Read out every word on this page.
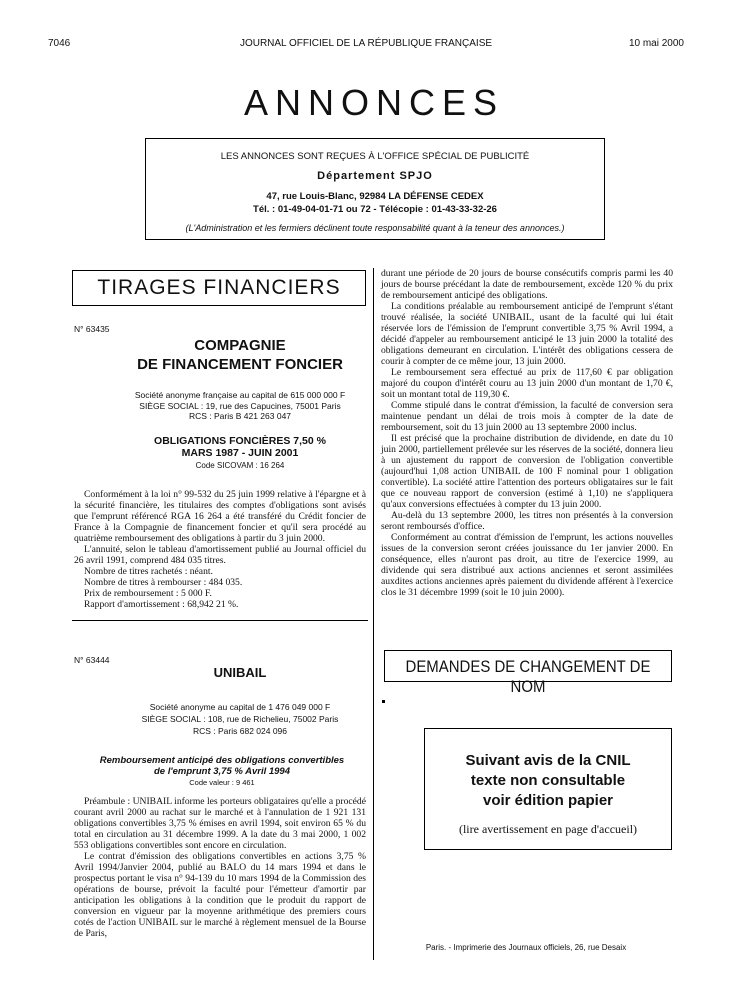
7046	JOURNAL OFFICIEL DE LA RÉPUBLIQUE FRANÇAISE	10 mai 2000
ANNONCES
LES ANNONCES SONT REÇUES À L'OFFICE SPÉCIAL DE PUBLICITÉ
Département SPJO
47, rue Louis-Blanc, 92984 LA DÉFENSE CEDEX
Tél. : 01-49-04-01-71 ou 72 - Télécopie : 01-43-33-32-26
(L'Administration et les fermiers déclinent toute responsabilité quant à la teneur des annonces.)
TIRAGES FINANCIERS
N° 63435
COMPAGNIE
DE FINANCEMENT FONCIER
Société anonyme française au capital de 615 000 000 F
SIÈGE SOCIAL : 19, rue des Capucines, 75001 Paris
RCS : Paris B 421 263 047
OBLIGATIONS FONCIÈRES 7,50 %
MARS 1987 - JUIN 2001
Code SICOVAM : 16 264

Conformément à la loi n° 99-532 du 25 juin 1999 relative à l'épargne et à la sécurité financière, les titulaires des comptes d'obligations sont avisés que l'emprunt référencé RGA 16 264 a été transféré du Crédit foncier de France à la Compagnie de financement foncier et qu'il sera procédé au quatrième remboursement des obligations à partir du 3 juin 2000.

L'annuité, selon le tableau d'amortissement publié au Journal officiel du 26 avril 1991, comprend 484 035 titres.

Nombre de titres rachetés : néant.

Nombre de titres à rembourser : 484 035.

Prix de remboursement : 5 000 F.

Rapport d'amortissement : 68,942 21 %.

N° 63444
UNIBAIL
Société anonyme au capital de 1 476 049 000 F
SIÈGE SOCIAL : 108, rue de Richelieu, 75002 Paris
RCS : Paris 682 024 096
Remboursement anticipé des obligations convertibles
de l'emprunt 3,75 % Avril 1994
Code valeur : 9 461

Préambule : UNIBAIL informe les porteurs obligataires qu'elle a procédé courant avril 2000 au rachat sur le marché et à l'annulation de 1 921 131 obligations convertibles 3,75 % émises en avril 1994, soit environ 65 % du total en circulation au 31 décembre 1999. A la date du 3 mai 2000, 1 002 553 obligations convertibles sont encore en circulation.

Le contrat d'émission des obligations convertibles en actions 3,75 % Avril 1994/Janvier 2004, publié au BALO du 14 mars 1994 et dans le prospectus portant le visa n° 94-139 du 10 mars 1994 de la Commission des opérations de bourse, prévoit la faculté pour l'émetteur d'amortir par anticipation les obligations à la condition que le produit du rapport de conversion en vigueur par la moyenne arithmétique des premiers cours cotés de l'action UNIBAIL sur le marché à règlement mensuel de la Bourse de Paris,

durant une période de 20 jours de bourse consécutifs compris parmi les 40 jours de bourse précédant la date de remboursement, excède 120 % du prix de remboursement anticipé des obligations.

La conditions préalable au remboursement anticipé de l'emprunt s'étant trouvé réalisée, la société UNIBAIL, usant de la faculté qui lui était réservée lors de l'émission de l'emprunt convertible 3,75 % Avril 1994, a décidé d'appeler au remboursement anticipé le 13 juin 2000 la totalité des obligations demeurant en circulation. L'intérêt des obligations cessera de courir à compter de ce même jour, 13 juin 2000.

Le remboursement sera effectué au prix de 117,60 € par obligation majoré du coupon d'intérêt couru au 13 juin 2000 d'un montant de 1,70 €, soit un montant total de 119,30 €.

Comme stipulé dans le contrat d'émission, la faculté de conversion sera maintenue pendant un délai de trois mois à compter de la date de remboursement, soit du 13 juin 2000 au 13 septembre 2000 inclus.

Il est précisé que la prochaine distribution de dividende, en date du 10 juin 2000, partiellement prélevée sur les réserves de la société, donnera lieu à un ajustement du rapport de conversion de l'obligation convertible (aujourd'hui 1,08 action UNIBAIL de 100 F nominal pour 1 obligation convertible). La société attire l'attention des porteurs obligataires sur le fait que ce nouveau rapport de conversion (estimé à 1,10) ne s'appliquera qu'aux conversions effectuées à compter du 13 juin 2000.

Au-delà du 13 septembre 2000, les titres non présentés à la conversion seront remboursés d'office.

Conformément au contrat d'émission de l'emprunt, les actions nouvelles issues de la conversion seront créées jouissance du 1er janvier 2000. En conséquence, elles n'auront pas droit, au titre de l'exercice 1999, au dividende qui sera distribué aux actions anciennes et seront assimilées auxdites actions anciennes après paiement du dividende afférent à l'exercice clos le 31 décembre 1999 (soit le 10 juin 2000).

DEMANDES DE CHANGEMENT DE NOM
Suivant avis de la CNIL
texte non consultable
voir édition papier
(lire avertissement en page d'accueil)
Paris. - Imprimerie des Journaux officiels, 26, rue Desaix
